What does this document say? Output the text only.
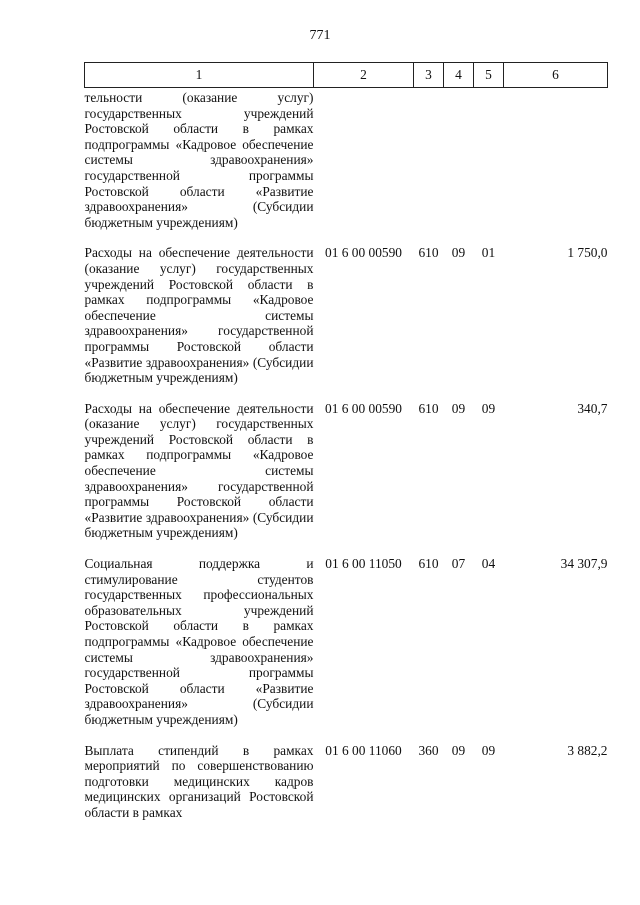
771
1	2	3	4	5	6
тельности (оказание услуг) государственных учреждений Ростовской области в рамках подпрограммы «Кадровое обеспечение системы здравоохранения» государственной программы Ростовской области «Развитие здравоохранения» (Субсидии бюджетным учреждениям)					
Расходы на обеспечение деятельности (оказание услуг) государственных учреждений Ростовской области в рамках подпрограммы «Кадровое обеспечение системы здравоохранения» государственной программы Ростовской области «Развитие здравоохранения» (Субсидии бюджетным учреждениям)	01 6 00 00590	610	09	01	1 750,0
Расходы на обеспечение деятельности (оказание услуг) государственных учреждений Ростовской области в рамках подпрограммы «Кадровое обеспечение системы здравоохранения» государственной программы Ростовской области «Развитие здравоохранения» (Субсидии бюджетным учреждениям)	01 6 00 00590	610	09	09	340,7
Социальная поддержка и стимулирование студентов государственных профессиональных образовательных учреждений Ростовской области в рамках подпрограммы «Кадровое обеспечение системы здравоохранения» государственной программы Ростовской области «Развитие здравоохранения» (Субсидии бюджетным учреждениям)	01 6 00 11050	610	07	04	34 307,9
Выплата стипендий в рамках мероприятий по совершенствованию подготовки медицинских кадров медицинских организаций Ростовской области в рамках	01 6 00 11060	360	09	09	3 882,2
